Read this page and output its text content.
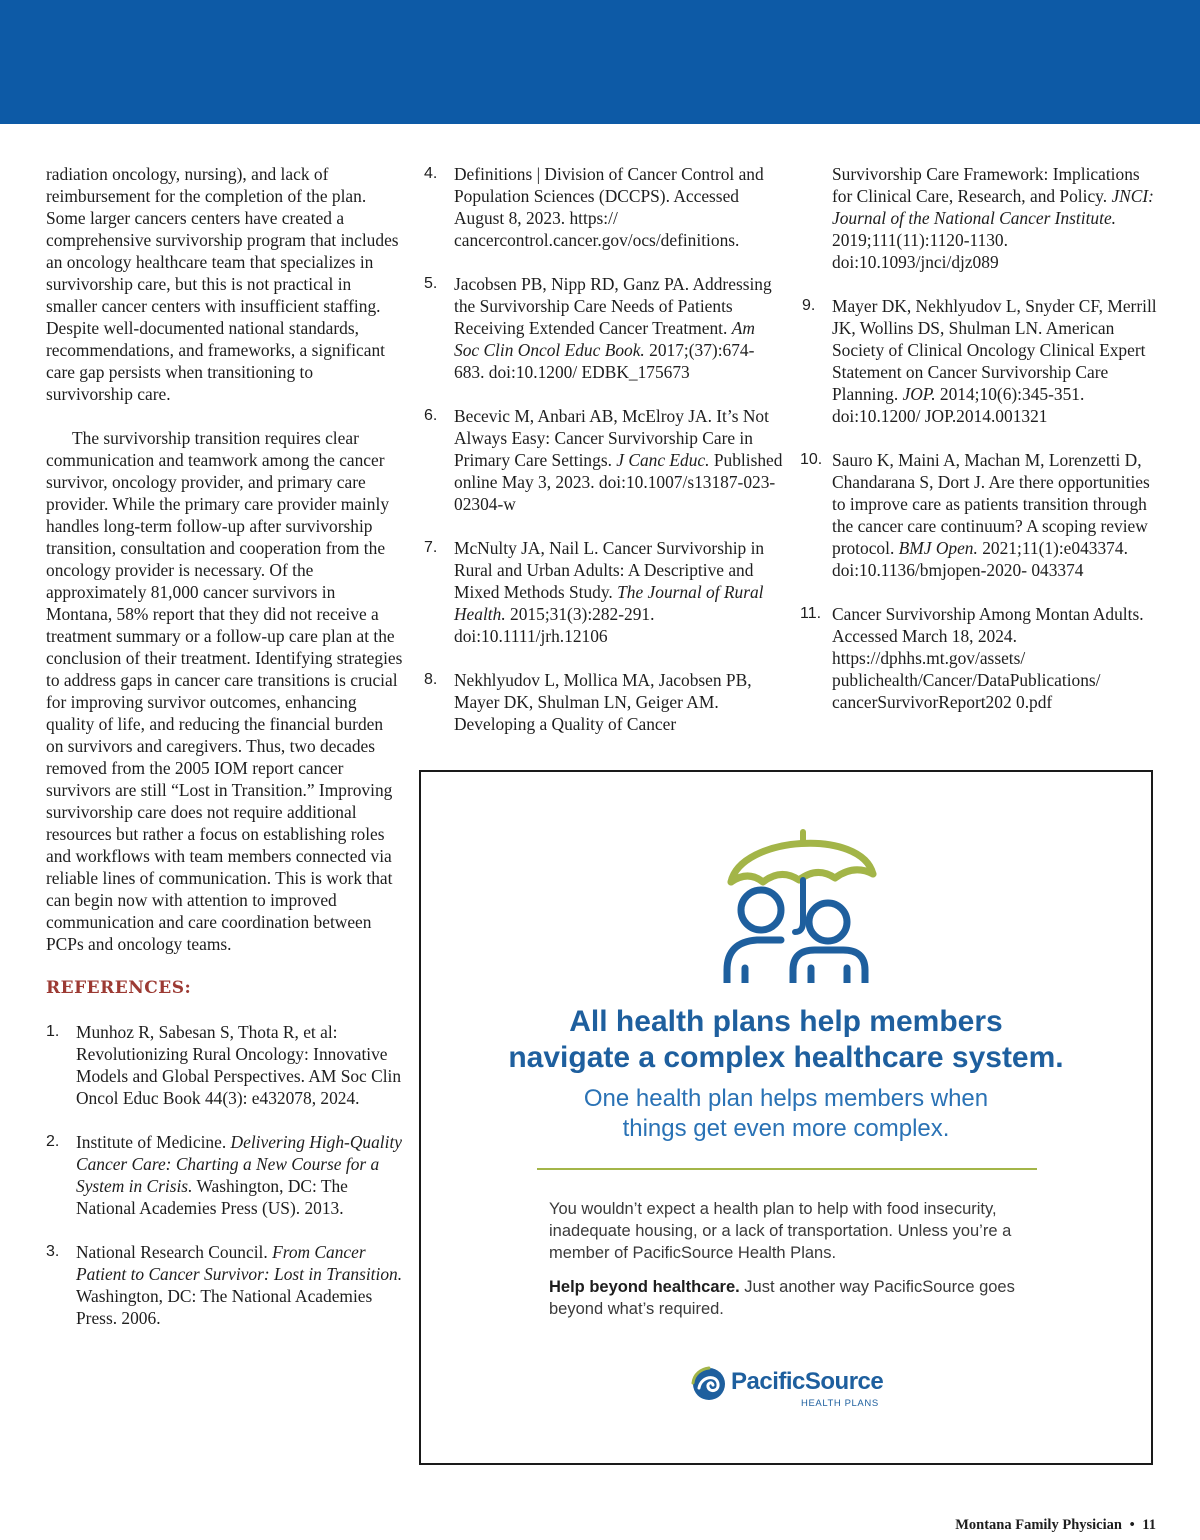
radiation oncology, nursing), and lack of reimbursement for the completion of the plan. Some larger cancers centers have created a comprehensive survivorship program that includes an oncology healthcare team that specializes in survivorship care, but this is not practical in smaller cancer centers with insufficient staffing. Despite well-documented national standards, recommendations, and frameworks, a significant care gap persists when transitioning to survivorship care.

The survivorship transition requires clear communication and teamwork among the cancer survivor, oncology provider, and primary care provider. While the primary care provider mainly handles long-term follow-up after survivorship transition, consultation and cooperation from the oncology provider is necessary. Of the approximately 81,000 cancer survivors in Montana, 58% report that they did not receive a treatment summary or a follow-up care plan at the conclusion of their treatment. Identifying strategies to address gaps in cancer care transitions is crucial for improving survivor outcomes, enhancing quality of life, and reducing the financial burden on survivors and caregivers. Thus, two decades removed from the 2005 IOM report cancer survivors are still “Lost in Transition.” Improving survivorship care does not require additional resources but rather a focus on establishing roles and workflows with team members connected via reliable lines of communication. This is work that can begin now with attention to improved communication and care coordination between PCPs and oncology teams.

REFERENCES:
1. Munhoz R, Sabesan S, Thota R, et al: Revolutionizing Rural Oncology: Innovative Models and Global Perspectives. AM Soc Clin Oncol Educ Book 44(3): e432078, 2024.
2. Institute of Medicine. Delivering High-Quality Cancer Care: Charting a New Course for a System in Crisis. Washington, DC: The National Academies Press (US). 2013.
3. National Research Council. From Cancer Patient to Cancer Survivor: Lost in Transition. Washington, DC: The National Academies Press. 2006.
4. Definitions | Division of Cancer Control and Population Sciences (DCCPS). Accessed August 8, 2023. https:// cancercontrol.cancer.gov/ocs/definitions.
5. Jacobsen PB, Nipp RD, Ganz PA. Addressing the Survivorship Care Needs of Patients Receiving Extended Cancer Treatment. Am Soc Clin Oncol Educ Book. 2017;(37):674- 683. doi:10.1200/ EDBK_175673
6. Becevic M, Anbari AB, McElroy JA. It’s Not Always Easy: Cancer Survivorship Care in Primary Care Settings. J Canc Educ. Published online May 3, 2023. doi:10.1007/s13187-023-02304-w
7. McNulty JA, Nail L. Cancer Survivorship in Rural and Urban Adults: A Descriptive and Mixed Methods Study. The Journal of Rural Health. 2015;31(3):282-291. doi:10.1111/jrh.12106
8. Nekhlyudov L, Mollica MA, Jacobsen PB, Mayer DK, Shulman LN, Geiger AM. Developing a Quality of Cancer
Survivorship Care Framework: Implications for Clinical Care, Research, and Policy. JNCI: Journal of the National Cancer Institute. 2019;111(11):1120-1130. doi:10.1093/jnci/djz089
9. Mayer DK, Nekhlyudov L, Snyder CF, Merrill JK, Wollins DS, Shulman LN. American Society of Clinical Oncology Clinical Expert Statement on Cancer Survivorship Care Planning. JOP. 2014;10(6):345-351. doi:10.1200/ JOP.2014.001321
10. Sauro K, Maini A, Machan M, Lorenzetti D, Chandarana S, Dort J. Are there opportunities to improve care as patients transition through the cancer care continuum? A scoping review protocol. BMJ Open. 2021;11(1):e043374. doi:10.1136/bmjopen-2020- 043374
11. Cancer Survivorship Among Montan Adults. Accessed March 18, 2024. https://dphhs.mt.gov/assets/ publichealth/Cancer/DataPublications/ cancerSurvivorReport202 0.pdf
All health plans help members
navigate a complex healthcare system.
One health plan helps members when
things get even more complex.

You wouldn’t expect a health plan to help with food insecurity, inadequate housing, or a lack of transportation. Unless you’re a member of PacificSource Health Plans.

Help beyond healthcare. Just another way PacificSource goes beyond what’s required.

PacificSource
HEALTH PLANS
Montana Family Physician • 11
